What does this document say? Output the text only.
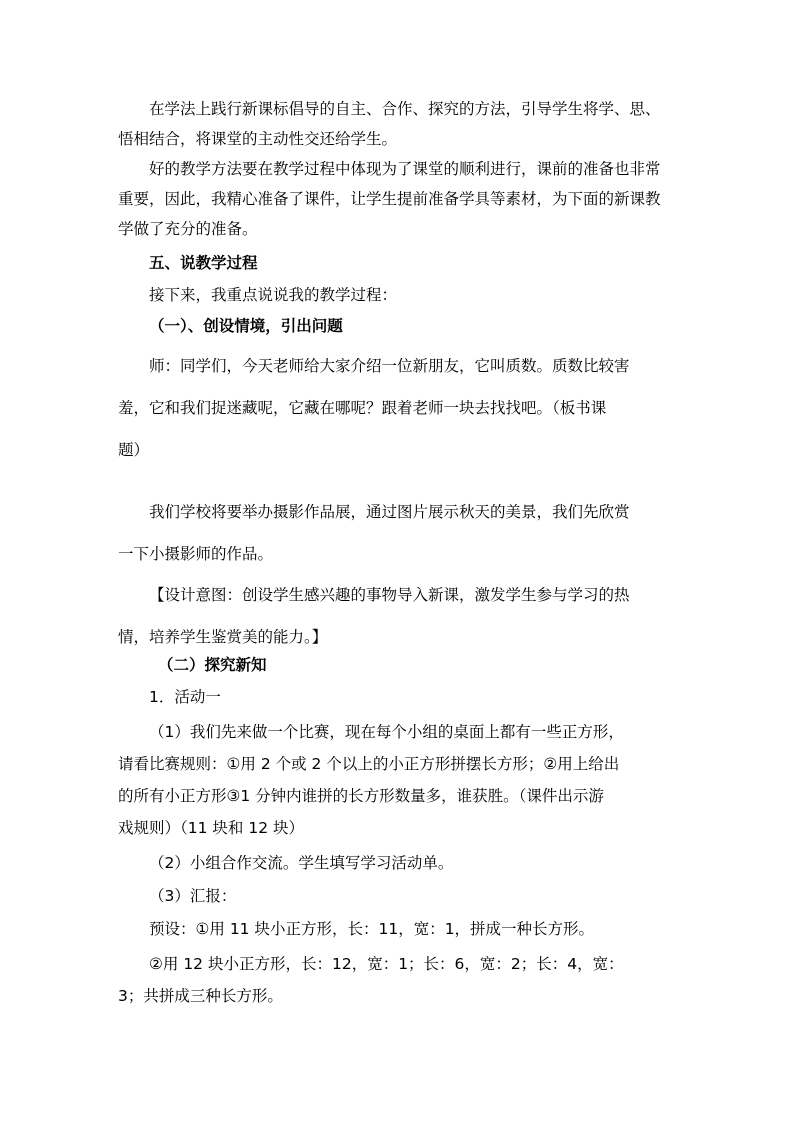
在学法上践行新课标倡导的自主、合作、探究的方法，引导学生将学、思、
悟相结合，将课堂的主动性交还给学生。
好的教学方法要在教学过程中体现为了课堂的顺利进行，课前的准备也非常
重要，因此，我精心准备了课件，让学生提前准备学具等素材，为下面的新课教
学做了充分的准备。
五、说教学过程
接下来，我重点说说我的教学过程：
（一）、创设情境，引出问题
师：同学们，今天老师给大家介绍一位新朋友，它叫质数。质数比较害
羞，它和我们捉迷藏呢，它藏在哪呢？跟着老师一块去找找吧。（板书课
题）
我们学校将要举办摄影作品展，通过图片展示秋天的美景，我们先欣赏
一下小摄影师的作品。
【设计意图：创设学生感兴趣的事物导入新课，激发学生参与学习的热
情，培养学生鉴赏美的能力。】
（二）探究新知
1．活动一
（1）我们先来做一个比赛，现在每个小组的桌面上都有一些正方形，
请看比赛规则：①用 2 个或 2 个以上的小正方形拼摆长方形；②用上给出
的所有小正方形③1 分钟内谁拼的长方形数量多，谁获胜。（课件出示游
戏规则）（11 块和 12 块）
（2）小组合作交流。学生填写学习活动单。
（3）汇报：
预设：①用 11 块小正方形，长：11，宽：1，拼成一种长方形。
②用 12 块小正方形，长：12，宽：1；长：6，宽：2；长：4，宽：
3；共拼成三种长方形。
